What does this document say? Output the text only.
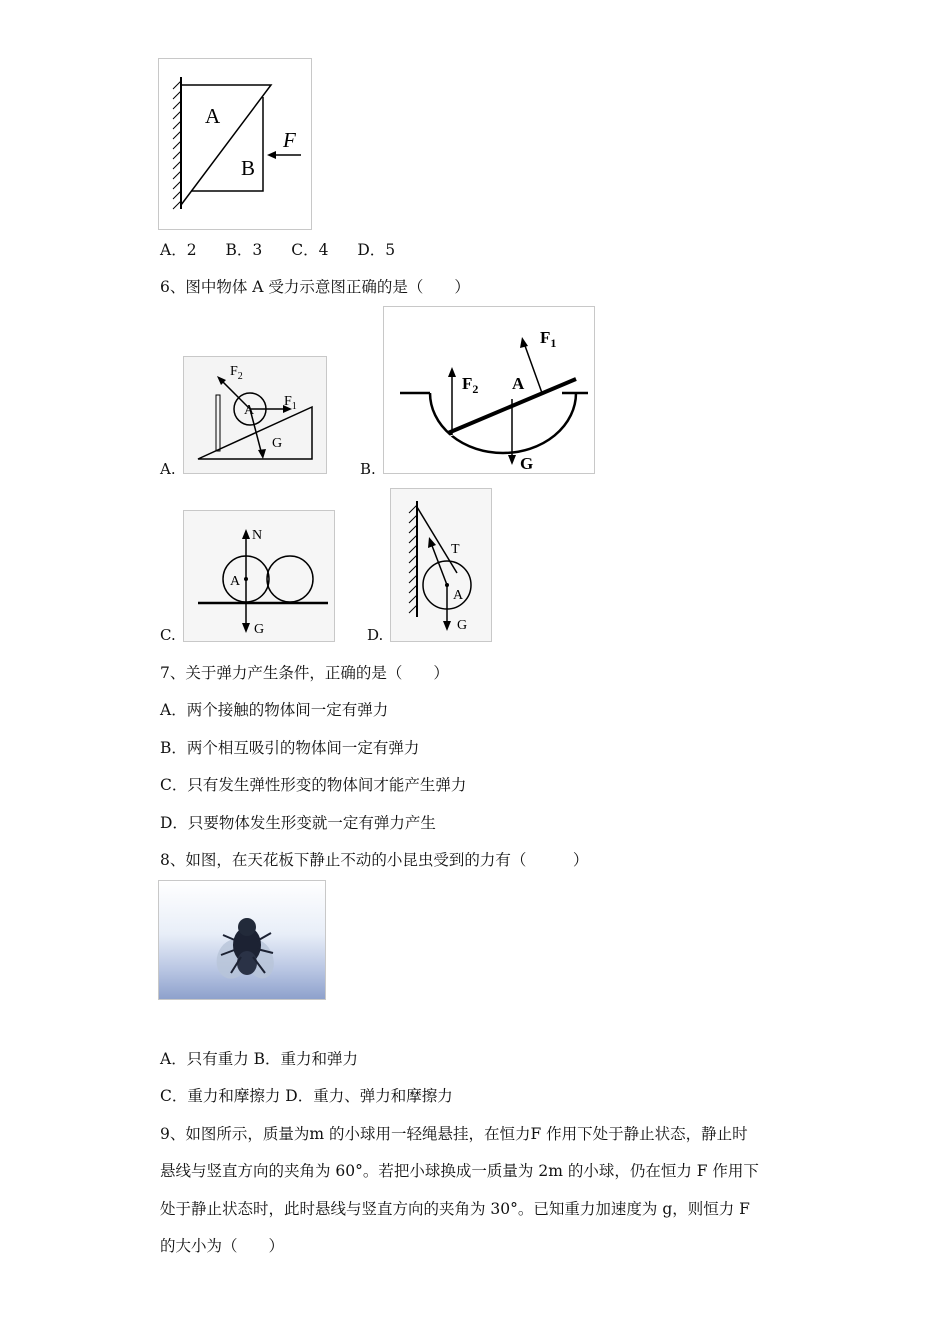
A
B
F
A．2 B．3 C．4 D．5
6、图中物体 A 受力示意图正确的是（　　）
A.
A
$F_2$
$F_1$
G
B.
$F_2$
$F_1$
A
G
C.
N
A
G	D.
T
A
G
7、关于弹力产生条件，正确的是（　　）
A．两个接触的物体间一定有弹力
B．两个相互吸引的物体间一定有弹力
C．只有发生弹性形变的物体间才能产生弹力
D．只要物体发生形变就一定有弹力产生
8、如图，在天花板下静止不动的小昆虫受到的力有（　　　）
A．只有重力 B．重力和弹力
C．重力和摩擦力 D．重力、弹力和摩擦力
9、如图所示，质量为m 的小球用一轻绳悬挂，在恒力F 作用下处于静止状态，静止时
悬线与竖直方向的夹角为 60°。若把小球换成一质量为 2m 的小球，仍在恒力 F 作用下
处于静止状态时，此时悬线与竖直方向的夹角为 30°。已知重力加速度为 g，则恒力 F
的大小为（　　）
